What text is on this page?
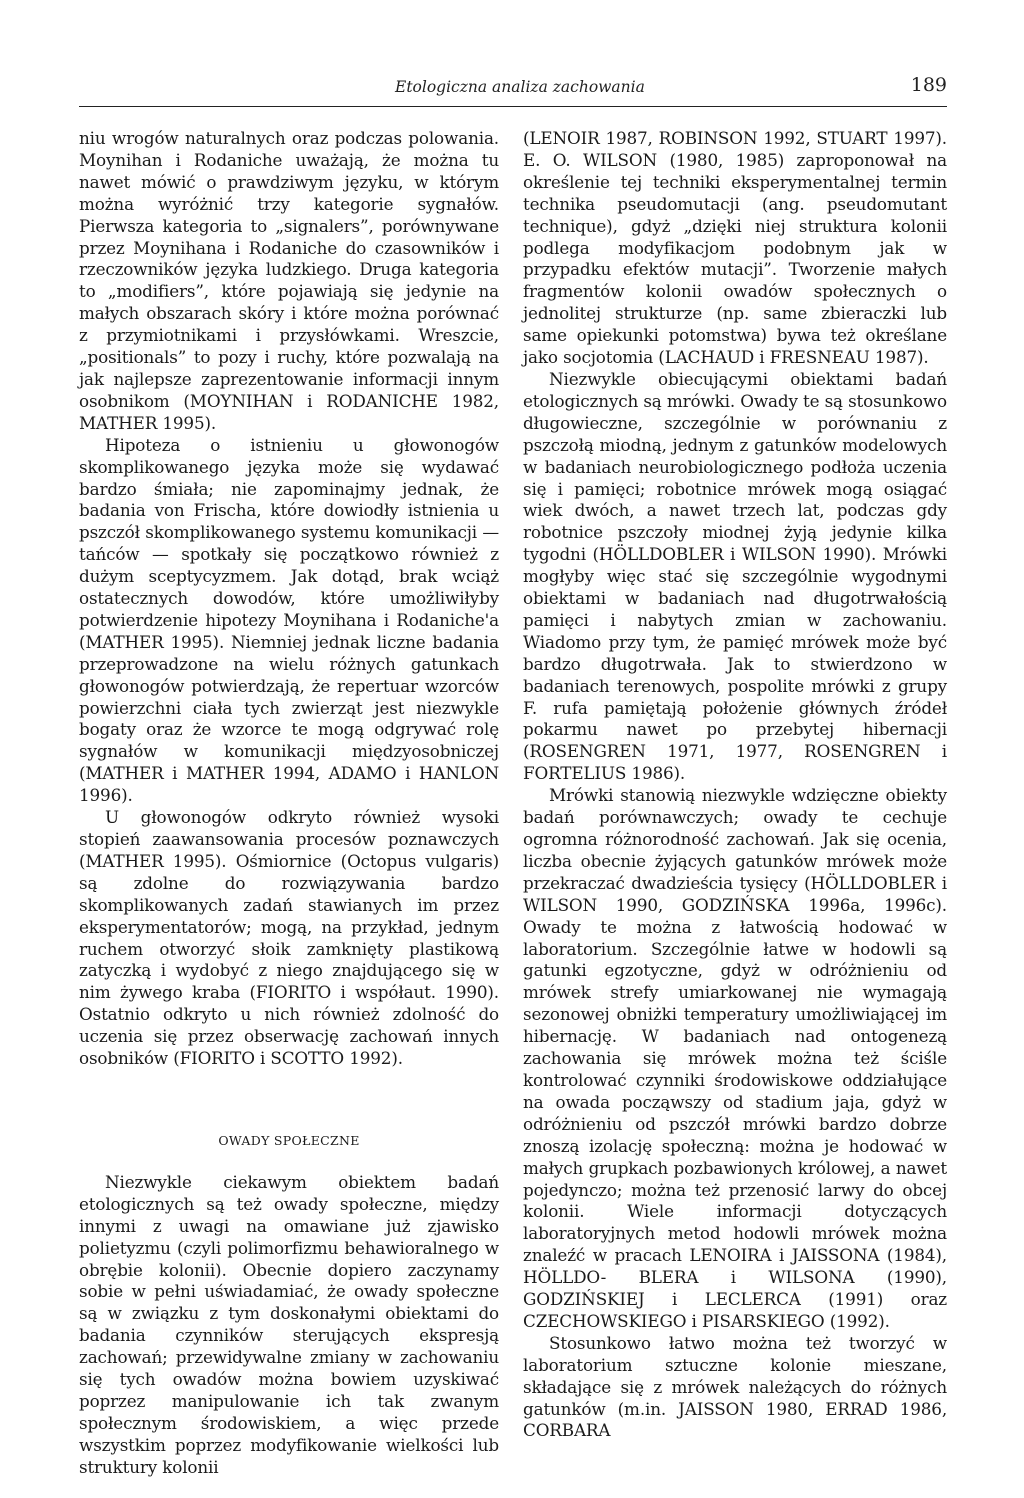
Etologiczna analiza zachowania	189

niu wrogów naturalnych oraz podczas polowania. Moynihan i Rodaniche uważają, że można tu nawet mówić o prawdziwym języku, w którym można wyróżnić trzy kategorie sygnałów. Pierwsza kategoria to „signalers”, porównywane przez Moynihana i Rodaniche do czasowników i rzeczowników języka ludzkiego. Druga kategoria to „modifiers”, które pojawiają się jedynie na małych obszarach skóry i które można porównać z przymiotnikami i przysłówkami. Wreszcie, „positionals” to pozy i ruchy, które pozwalają na jak najlepsze zaprezentowanie informacji innym osobnikom (MOYNIHAN i RODANICHE 1982, MATHER 1995).

Hipoteza o istnieniu u głowonogów skomplikowanego języka może się wydawać bardzo śmiała; nie zapominajmy jednak, że badania von Frischa, które dowiodły istnienia u pszczół skomplikowanego systemu komunikacji — tańców — spotkały się początkowo również z dużym sceptycyzmem. Jak dotąd, brak wciąż ostatecznych dowodów, które umożliwiłyby potwierdzenie hipotezy Moynihana i Rodaniche'a (MATHER 1995). Niemniej jednak liczne badania przeprowadzone na wielu różnych gatunkach głowonogów potwierdzają, że repertuar wzorców powierzchni ciała tych zwierząt jest niezwykle bogaty oraz że wzorce te mogą odgrywać rolę sygnałów w komunikacji międzyosobniczej (MATHER i MATHER 1994, ADAMO i HANLON 1996).

U głowonogów odkryto również wysoki stopień zaawansowania procesów poznawczych (MATHER 1995). Ośmiornice (Octopus vulgaris) są zdolne do rozwiązywania bardzo skomplikowanych zadań stawianych im przez eksperymentatorów; mogą, na przykład, jednym ruchem otworzyć słoik zamknięty plastikową zatyczką i wydobyć z niego znajdującego się w nim żywego kraba (FIORITO i współaut. 1990). Ostatnio odkryto u nich również zdolność do uczenia się przez obserwację zachowań innych osobników (FIORITO i SCOTTO 1992).

OWADY SPOŁECZNE

Niezwykle ciekawym obiektem badań etologicznych są też owady społeczne, między innymi z uwagi na omawiane już zjawisko polietyzmu (czyli polimorfizmu behawioralnego w obrębie kolonii). Obecnie dopiero zaczynamy sobie w pełni uświadamiać, że owady społeczne są w związku z tym doskonałymi obiektami do badania czynników sterujących ekspresją zachowań; przewidywalne zmiany w zachowaniu się tych owadów można bowiem uzyskiwać poprzez manipulowanie ich tak zwanym społecznym środowiskiem, a więc przede wszystkim poprzez modyfikowanie wielkości lub struktury kolonii

(LENOIR 1987, ROBINSON 1992, STUART 1997). E. O. WILSON (1980, 1985) zaproponował na określenie tej techniki eksperymentalnej termin technika pseudomutacji (ang. pseudomutant technique), gdyż „dzięki niej struktura kolonii podlega modyfikacjom podobnym jak w przypadku efektów mutacji”. Tworzenie małych fragmentów kolonii owadów społecznych o jednolitej strukturze (np. same zbieraczki lub same opiekunki potomstwa) bywa też określane jako socjotomia (LACHAUD i FRESNEAU 1987).

Niezwykle obiecującymi obiektami badań etologicznych są mrówki. Owady te są stosunkowo długowieczne, szczególnie w porównaniu z pszczołą miodną, jednym z gatunków modelowych w badaniach neurobiologicznego podłoża uczenia się i pamięci; robotnice mrówek mogą osiągać wiek dwóch, a nawet trzech lat, podczas gdy robotnice pszczoły miodnej żyją jedynie kilka tygodni (HÖLLDOBLER i WILSON 1990). Mrówki mogłyby więc stać się szczególnie wygodnymi obiektami w badaniach nad długotrwałością pamięci i nabytych zmian w zachowaniu. Wiadomo przy tym, że pamięć mrówek może być bardzo długotrwała. Jak to stwierdzono w badaniach terenowych, pospolite mrówki z grupy F. rufa pamiętają położenie głównych źródeł pokarmu nawet po przebytej hibernacji (ROSENGREN 1971, 1977, ROSENGREN i FORTELIUS 1986).

Mrówki stanowią niezwykle wdzięczne obiekty badań porównawczych; owady te cechuje ogromna różnorodność zachowań. Jak się ocenia, liczba obecnie żyjących gatunków mrówek może przekraczać dwadzieścia tysięcy (HÖLLDOBLER i WILSON 1990, GODZIŃSKA 1996a, 1996c). Owady te można z łatwością hodować w laboratorium. Szczególnie łatwe w hodowli są gatunki egzotyczne, gdyż w odróżnieniu od mrówek strefy umiarkowanej nie wymagają sezonowej obniżki temperatury umożliwiającej im hibernację. W badaniach nad ontogenezą zachowania się mrówek można też ściśle kontrolować czynniki środowiskowe oddziałujące na owada począwszy od stadium jaja, gdyż w odróżnieniu od pszczół mrówki bardzo dobrze znoszą izolację społeczną: można je hodować w małych grupkach pozbawionych królowej, a nawet pojedynczo; można też przenosić larwy do obcej kolonii. Wiele informacji dotyczących laboratoryjnych metod hodowli mrówek można znaleźć w pracach LENOIRA i JAISSONA (1984), HÖLLDO- BLERA i WILSONA (1990), GODZIŃSKIEJ i LECLERCA (1991) oraz CZECHOWSKIEGO i PISARSKIEGO (1992).

Stosunkowo łatwo można też tworzyć w laboratorium sztuczne kolonie mieszane, składające się z mrówek należących do różnych gatunków (m.in. JAISSON 1980, ERRAD 1986, CORBARA
